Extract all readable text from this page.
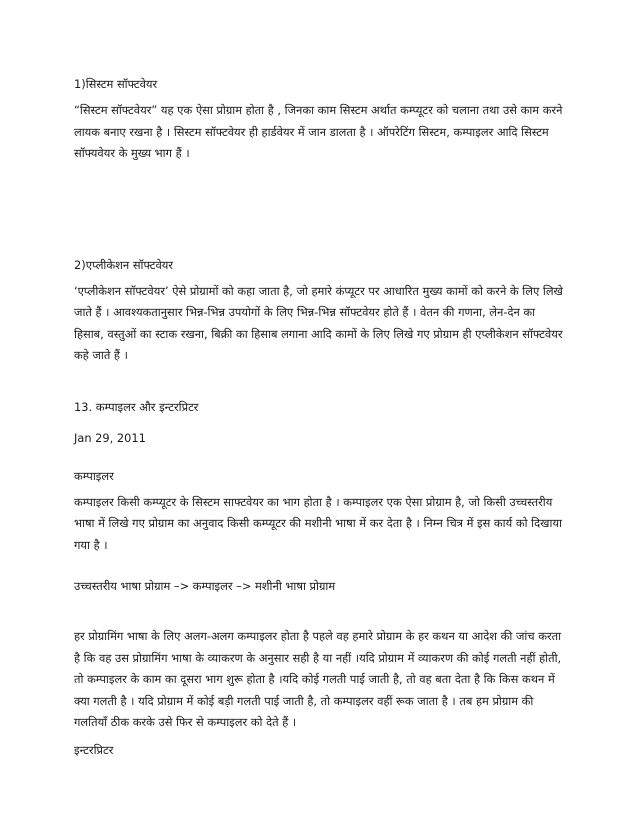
1)सिस्टम सॉफ्टवेयर

“सिस्टम सॉफ्टवेयर” यह एक ऐसा प्रोग्राम होता है , जिनका काम सिस्टम अर्थात कम्प्यूटर को चलाना तथा उसे काम करने लायक बनाए रखना है । सिस्टम सॉफ्टवेयर ही हार्डवेयर में जान डालता है । ऑपरेटिंग सिस्टम, कम्पाइलर आदि सिस्टम सॉफ्यवेयर के मुख्य भाग हैं ।

2)एप्लीकेशन सॉफ्टवेयर

‘एप्लीकेशन सॉफ्टवेयर’ ऐसे प्रोग्रामों को कहा जाता है, जो हमारे कंप्यूटर पर आधारित मुख्य कामों को करने के लिए लिखे जाते हैं । आवश्यकतानुसार भिन्न-भिन्न उपयोगों के लिए भिन्न-भिन्न सॉफ्टवेयर होते हैं । वेतन की गणना, लेन-देन का हिसाब, वस्तुओं का स्टाक रखना, बिक्री का हिसाब लगाना आदि कामों के लिए लिखे गए प्रोग्राम ही एप्लीकेशन सॉफ्टवेयर कहे जाते हैं ।

13. कम्पाइलर और इन्टरप्रिटर

Jan 29, 2011

कम्पाइलर

कम्पाइलर किसी कम्प्यूटर के सिस्टम साफ्टवेयर का भाग होता है । कम्पाइलर एक ऐसा प्रोग्राम है, जो किसी उच्चस्तरीय भाषा में लिखे गए प्रोग्राम का अनुवाद किसी कम्प्यूटर की मशीनी भाषा में कर देता है । निम्न चित्र में इस कार्य को दिखाया गया है ।

उच्चस्तरीय भाषा प्रोग्राम –> कम्पाइलर –> मशीनी भाषा प्रोग्राम

हर प्रोग्रामिंग भाषा के लिए अलग-अलग कम्पाइलर होता है पहले वह हमारे प्रोग्राम के हर कथन या आदेश की जांच करता है कि वह उस प्रोग्रामिंग भाषा के व्याकरण के अनुसार सही है या नहीं ।यदि प्रोग्राम में व्याकरण की कोई गलती नहीं होती, तो कम्पाइलर के काम का दूसरा भाग शुरू होता है ।यदि कोई गलती पाई जाती है, तो वह बता देता है कि किस कथन में क्या गलती है । यदि प्रोग्राम में कोई बड़ी गलती पाई जाती है, तो कम्पाइलर वहीं रूक जाता है । तब हम प्रोग्राम की गलतियाँ ठीक करके उसे फिर से कम्पाइलर को देते हैं ।

इन्टरप्रिटर
